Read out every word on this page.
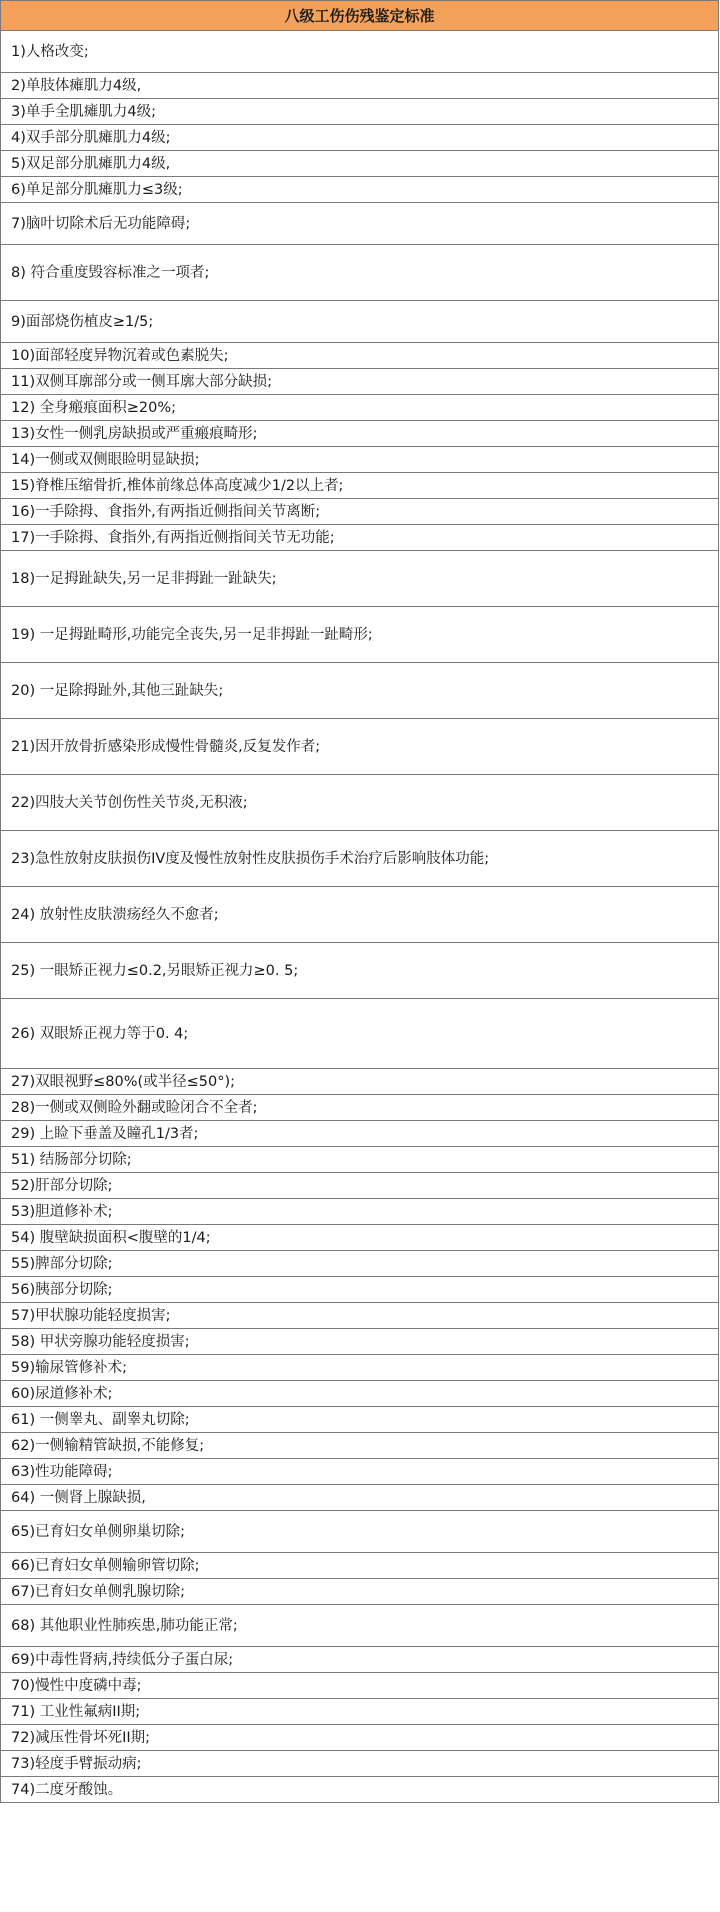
八级工伤伤残鉴定标准
1)人格改变;
2)单肢体瘫肌力4级,
3)单手全肌瘫肌力4级;
4)双手部分肌瘫肌力4级;
5)双足部分肌瘫肌力4级,
6)单足部分肌瘫肌力≤3级;
7)脑叶切除术后无功能障碍;
8) 符合重度毁容标准之一项者;
9)面部烧伤植皮≥1/5;
10)面部轻度异物沉着或色素脱失;
11)双侧耳廓部分或一侧耳廓大部分缺损;
12) 全身瘢痕面积≥20%;
13)女性一侧乳房缺损或严重瘢痕畸形;
14)一侧或双侧眼睑明显缺损;
15)脊椎压缩骨折,椎体前缘总体高度减少1/2以上者;
16)一手除拇、食指外,有两指近侧指间关节离断;
17)一手除拇、食指外,有两指近侧指间关节无功能;
18)一足拇趾缺失,另一足非拇趾一趾缺失;
19) 一足拇趾畸形,功能完全丧失,另一足非拇趾一趾畸形;
20) 一足除拇趾外,其他三趾缺失;
21)因开放骨折感染形成慢性骨髓炎,反复发作者;
22)四肢大关节创伤性关节炎,无积液;
23)急性放射皮肤损伤IV度及慢性放射性皮肤损伤手术治疗后影响肢体功能;
24) 放射性皮肤溃疡经久不愈者;
25) 一眼矫正视力≤0.2,另眼矫正视力≥0. 5;
26) 双眼矫正视力等于0. 4;
27)双眼视野≤80%(或半径≤50°);
28)一侧或双侧睑外翻或睑闭合不全者;
29) 上睑下垂盖及瞳孔1/3者;
51) 结肠部分切除;
52)肝部分切除;
53)胆道修补术;
54) 腹壁缺损面积<腹壁的1/4;
55)脾部分切除;
56)胰部分切除;
57)甲状腺功能轻度损害;
58) 甲状旁腺功能轻度损害;
59)输尿管修补术;
60)尿道修补术;
61) 一侧睾丸、副睾丸切除;
62)一侧输精管缺损,不能修复;
63)性功能障碍;
64) 一侧肾上腺缺损,
65)已育妇女单侧卵巢切除;
66)已育妇女单侧输卵管切除;
67)已育妇女单侧乳腺切除;
68) 其他职业性肺疾患,肺功能正常;
69)中毒性肾病,持续低分子蛋白尿;
70)慢性中度磷中毒;
71) 工业性氟病II期;
72)减压性骨坏死II期;
73)轻度手臂振动病;
74)二度牙酸蚀。
